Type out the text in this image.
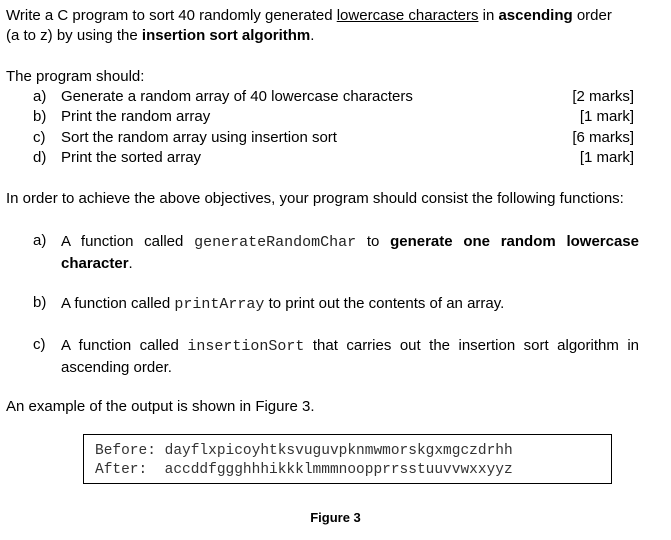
Write a C program to sort 40 randomly generated lowercase characters in ascending order
(a to z) by using the insertion sort algorithm.
The program should:
a) Generate a random array of 40 lowercase characters	[2 marks]
b) Print the random array	[1 mark]
c) Sort the random array using insertion sort	[6 marks]
d) Print the sorted array	[1 mark]
In order to achieve the above objectives, your program should consist the following functions:
a) A function called generateRandomChar to generate one random lowercase character.
b) A function called printArray to print out the contents of an array.
c) A function called insertionSort that carries out the insertion sort algorithm in ascending order.
An example of the output is shown in Figure 3.
Before: dayflxpicoyhtksvuguvpknmwmorskgxmgczdrhh
After:  accddfggghhhikkklmmmnoopprrsstuuvvwxxyyz
Figure 3
